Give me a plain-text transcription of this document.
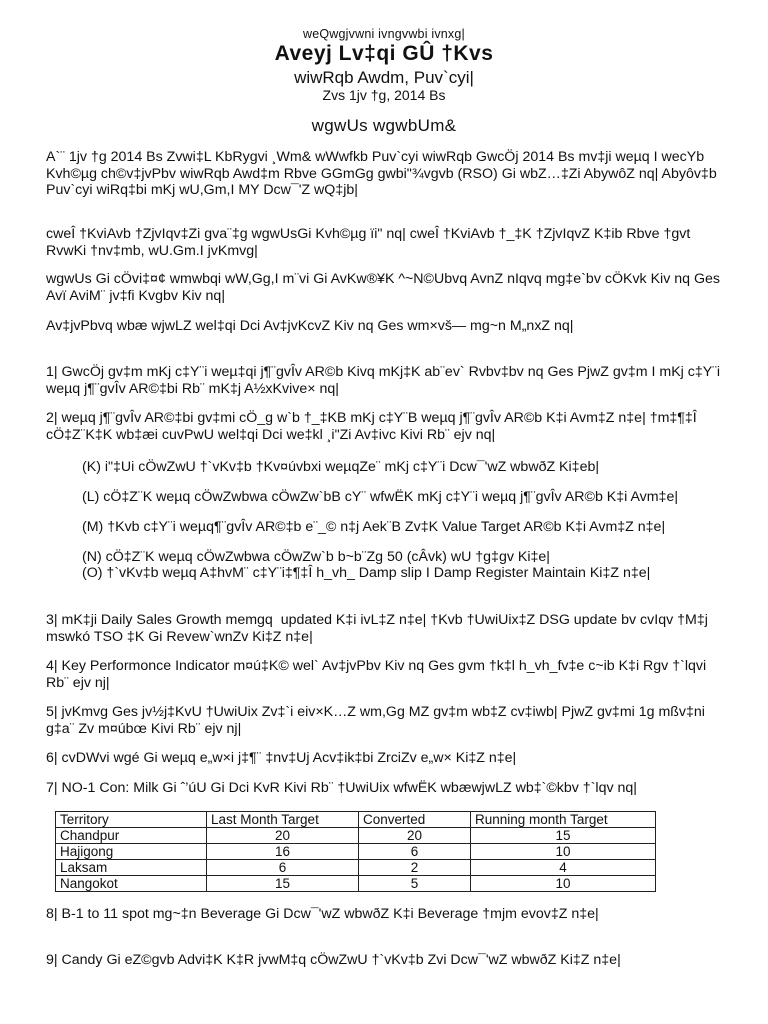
weQwgjvwni ivngvwbi ivnxg|
Aveyj Lv‡qi GÛ †Kvs
wiwRqb Awdm, Puv`cyi|
Zvs 1jv †g, 2014 Bs
wgwUs wgwbUm&
A`¨ 1jv †g 2014 Bs Zvwi‡L KbRygvi ¸Wm& wWwfkb Puv`cyi wiwRqb GwcÖj 2014 Bs mv‡ji weµq I wecYb Kvh©µg ch©v‡jvPbv wiwRqb Awd‡m Rbve GGmGg gwbi"¾vgvb (RSO) Gi wbZ…‡Zi AbywôZ nq| Abyôv‡b Puv`cyi wiRq‡bi mKj wU,Gm,I MY Dcw¯'Z wQ‡jb|
cweÎ †KviAvb †ZjvIqv‡Zi gva¨‡g wgwUsGi Kvh©µg ïi" nq| cweÎ †KviAvb †_‡K †ZjvIqvZ K‡ib Rbve †gvt RvwKi †nv‡mb, wU.Gm.I jvKmvg|
wgwUs Gi cÖvi‡¤¢ wmwbqi wW,Gg,I m¨vi Gi AvKw®¥K ^~N©Ubvq AvnZ nIqvq mg‡e`bv cÖKvk Kiv nq Ges Avï AviM¨ jv‡fi Kvgbv Kiv nq|
Av‡jvPbvq wbæ wjwLZ wel‡qi Dci Av‡jvKcvZ Kiv nq Ges wm×vš— mg~n M„nxZ nq|
1| GwcÖj gv‡m mKj c‡Y¨i weµ‡qi j¶¨gvÎv AR©b Kivq mKj‡K ab¨ev` Rvbv‡bv nq Ges PjwZ gv‡m I mKj c‡Y¨i weµq j¶¨gvÎv AR©‡bi Rb¨ mK‡j A½xKvive× nq|
2| weµq j¶¨gvÎv AR©‡bi gv‡mi cÖ_g w`b †_‡KB mKj c‡Y¨B weµq j¶¨gvÎv AR©b K‡i Avm‡Z n‡e| †m‡¶‡Î cÖ‡Z¨K‡K wb‡æi cuvPwU wel‡qi Dci we‡kl ¸i"Zi Av‡ivc Kivi Rb¨ ejv nq|
(K) i"‡Ui cÖwZwU †`vKv‡b †Kv¤úvbxi weµqZe¨ mKj c‡Y¨i Dcw¯'wZ wbwðZ Ki‡eb|
(L) cÖ‡Z¨K weµq cÖwZwbwa cÖwZw`bB cY¨ wfwËK mKj c‡Y¨i weµq j¶¨gvÎv AR©b K‡i Avm‡e|
(M) †Kvb c‡Y¨i weµq¶¨gvÎv AR©‡b e¨_© n‡j Aek¨B Zv‡K Value Target AR©b K‡i Avm‡Z n‡e|
(N) cÖ‡Z¨K weµq cÖwZwbwa cÖwZw`b b~b¨Zg 50 (cÂvk) wU †g‡gv Ki‡e|
(O) †`vKv‡b weµq A‡hvM¨ c‡Y¨i‡¶‡Î h_vh_ Damp slip I Damp Register Maintain Ki‡Z n‡e|
3| mK‡ji Daily Sales Growth memgq  updated K‡i ivL‡Z n‡e| †Kvb †UwiUix‡Z DSG update bv cvIqv †M‡j mswkó TSO ‡K Gi Revew`wnZv Ki‡Z n‡e|
4| Key Performonce Indicator m¤ú‡K© wel` Av‡jvPbv Kiv nq Ges gvm †k‡l h_vh_fv‡e c~ib K‡i Rgv †`lqvi Rb¨ ejv nj|
5| jvKmvg Ges jv½j‡KvU †UwiUix Zv‡`i eiv×K…Z wm,Gg MZ gv‡m wb‡Z cv‡iwb| PjwZ gv‡mi 1g mßv‡ni g‡a¨ Zv m¤úbœ Kivi Rb¨ ejv nj|
6| cvDWvi wgé Gi weµq e„w×i j‡¶¨ ‡nv‡Uj Acv‡ik‡bi ZrciZv e„w× Ki‡Z n‡e|
7| NO-1 Con: Milk Gi ˆ’úU Gi Dci KvR Kivi Rb¨ †UwiUix wfwËK wbæwjwLZ wb‡`©kbv †`lqv nq|
Territory	Last Month Target	Converted	Running month Target
Chandpur	20	20	15
Hajigong	16	6	10
Laksam	6	2	4
Nangokot	15	5	10
8| B-1 to 11 spot mg~‡n Beverage Gi Dcw¯'wZ wbwðZ K‡i Beverage †mjm evov‡Z n‡e|
9| Candy Gi eZ©gvb Advi‡K K‡R jvwM‡q cÖwZwU †`vKv‡b Zvi Dcw¯'wZ wbwðZ Ki‡Z n‡e|
